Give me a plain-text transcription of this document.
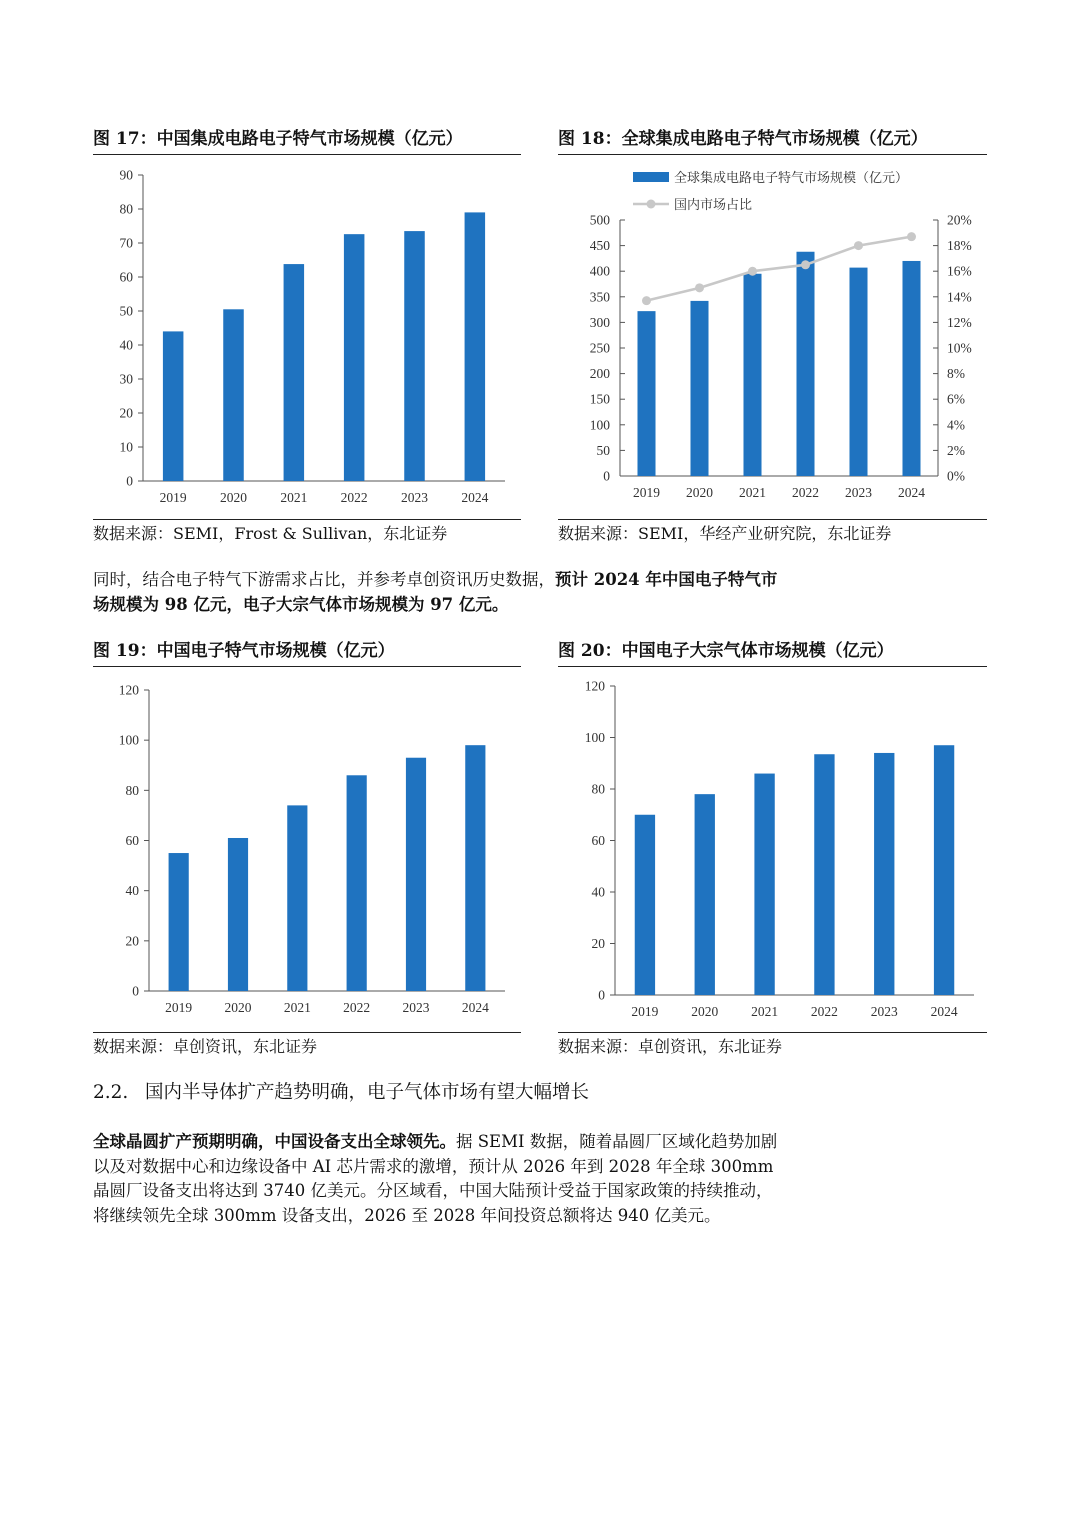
图 17：中国集成电路电子特气市场规模（亿元）
0
10
20
30
40
50
60
70
80
90
2019 2020 2021 2022 2023 2024
数据来源：SEMI，Frost & Sullivan，东北证券
图 18：全球集成电路电子特气市场规模（亿元）
0
50
100
150
200
250
300
350
400
450
500
2019 2020 2021 2022 2023 2024
0%
2%
4%
6%
8%
10%
12%
14%
16%
18%
20%
全球集成电路电子特气市场规模（亿元）
国内市场占比
数据来源：SEMI，华经产业研究院，东北证券

同时，结合电子特气下游需求占比，并参考卓创资讯历史数据，预计 2024 年中国电子特气市场规模为 98 亿元，电子大宗气体市场规模为 97 亿元。

图 19：中国电子特气市场规模（亿元）
0
20
40
60
80
100
120
2019 2020 2021 2022 2023 2024
数据来源：卓创资讯，东北证券
图 20：中国电子大宗气体市场规模（亿元）
0
20
40
60
80
100
120
2019 2020 2021 2022 2023 2024
数据来源：卓创资讯，东北证券
2.2. 国内半导体扩产趋势明确，电子气体市场有望大幅增长

全球晶圆扩产预期明确，中国设备支出全球领先。据 SEMI 数据，随着晶圆厂区域化趋势加剧以及对数据中心和边缘设备中 AI 芯片需求的激增，预计从 2026 年到 2028 年全球 300mm 晶圆厂设备支出将达到 3740 亿美元。分区域看，中国大陆预计受益于国家政策的持续推动，将继续领先全球 300mm 设备支出，2026 至 2028 年间投资总额将达 940 亿美元。
